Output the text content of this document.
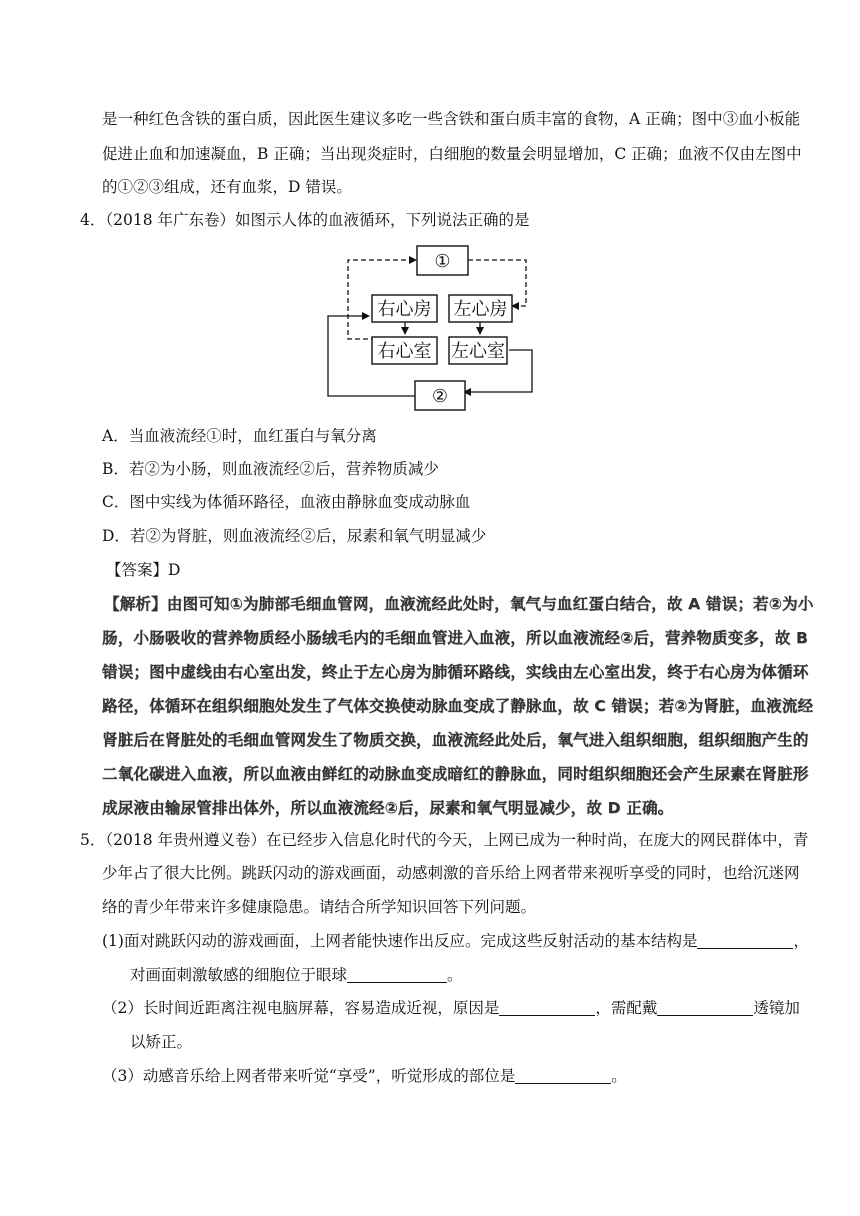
是一种红色含铁的蛋白质，因此医生建议多吃一些含铁和蛋白质丰富的食物，A 正确；图中③血小板能
促进止血和加速凝血，B 正确；当出现炎症时，白细胞的数量会明显增加，C 正确；血液不仅由左图中
的①②③组成，还有血浆，D 错误。
4．（2018 年广东卷）如图示人体的血液循环，下列说法正确的是
①
右心房 左心房
右心室 左心室
②
A．当血液流经①时，血红蛋白与氧分离
B．若②为小肠，则血液流经②后，营养物质减少
C．图中实线为体循环路径，血液由静脉血变成动脉血
D．若②为肾脏，则血液流经②后，尿素和氧气明显减少
【答案】D
【解析】由图可知①为肺部毛细血管网，血液流经此处时，氧气与血红蛋白结合，故 A 错误；若②为小
肠，小肠吸收的营养物质经小肠绒毛内的毛细血管进入血液，所以血液流经②后，营养物质变多，故 B
错误；图中虚线由右心室出发，终止于左心房为肺循环路线，实线由左心室出发，终于右心房为体循环
路径，体循环在组织细胞处发生了气体交换使动脉血变成了静脉血，故 C 错误；若②为肾脏，血液流经
肾脏后在肾脏处的毛细血管网发生了物质交换，血液流经此处后，氧气进入组织细胞，组织细胞产生的
二氧化碳进入血液，所以血液由鲜红的动脉血变成暗红的静脉血，同时组织细胞还会产生尿素在肾脏形
成尿液由输尿管排出体外，所以血液流经②后，尿素和氧气明显减少，故 D 正确。
5．（2018 年贵州遵义卷）在已经步入信息化时代的今天，上网已成为一种时尚，在庞大的网民群体中，青
少年占了很大比例。跳跃闪动的游戏画面，动感刺激的音乐给上网者带来视听享受的同时，也给沉迷网
络的青少年带来许多健康隐患。请结合所学知识回答下列问题。
(1)面对跳跃闪动的游戏画面，上网者能快速作出反应。完成这些反射活动的基本结构是	，
对画面刺激敏感的细胞位于眼球	。
（2）长时间近距离注视电脑屏幕，容易造成近视，原因是	，需配戴	透镜加
以矫正。
（3）动感音乐给上网者带来听觉“享受”，听觉形成的部位是	。
